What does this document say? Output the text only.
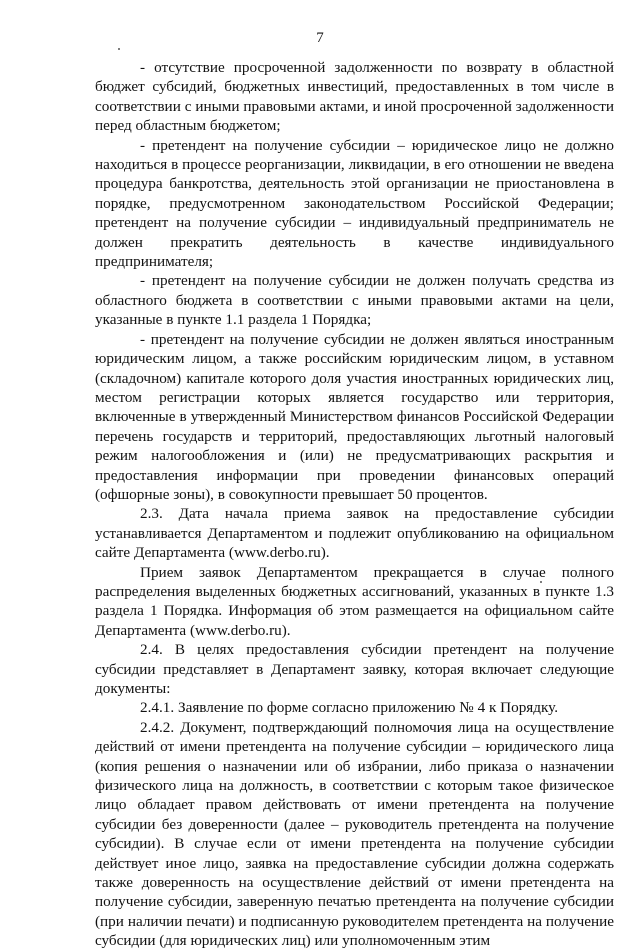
7

- отсутствие просроченной задолженности по возврату в областной бюджет субсидий, бюджетных инвестиций, предоставленных в том числе в соответствии с иными правовыми актами, и иной просроченной задолженности перед областным бюджетом;

- претендент на получение субсидии – юридическое лицо не должно находиться в процессе реорганизации, ликвидации, в его отношении не введена процедура банкротства, деятельность этой организации не приостановлена в порядке, предусмотренном законодательством Российской Федерации; претендент на получение субсидии – индивидуальный предприниматель не должен прекратить деятельность в качестве индивидуального предпринимателя;

- претендент на получение субсидии не должен получать средства из областного бюджета в соответствии с иными правовыми актами на цели, указанные в пункте 1.1 раздела 1 Порядка;

- претендент на получение субсидии не должен являться иностранным юридическим лицом, а также российским юридическим лицом, в уставном (складочном) капитале которого доля участия иностранных юридических лиц, местом регистрации которых является государство или территория, включенные в утвержденный Министерством финансов Российской Федерации перечень государств и территорий, предоставляющих льготный налоговый режим налогообложения и (или) не предусматривающих раскрытия и предоставления информации при проведении финансовых операций (офшорные зоны), в совокупности превышает 50 процентов.

2.3. Дата начала приема заявок на предоставление субсидии устанавливается Департаментом и подлежит опубликованию на официальном сайте Департамента (www.derbo.ru).

Прием заявок Департаментом прекращается в случае полного распределения выделенных бюджетных ассигнований, указанных в пункте 1.3 раздела 1 Порядка. Информация об этом размещается на официальном сайте Департамента (www.derbo.ru).

2.4. В целях предоставления субсидии претендент на получение субсидии представляет в Департамент заявку, которая включает следующие документы:

2.4.1. Заявление по форме согласно приложению № 4 к Порядку.

2.4.2. Документ, подтверждающий полномочия лица на осуществление действий от имени претендента на получение субсидии – юридического лица (копия решения о назначении или об избрании, либо приказа о назначении физического лица на должность, в соответствии с которым такое физическое лицо обладает правом действовать от имени претендента на получение субсидии без доверенности (далее – руководитель претендента на получение субсидии). В случае если от имени претендента на получение субсидии действует иное лицо, заявка на предоставление субсидии должна содержать также доверенность на осуществление действий от имени претендента на получение субсидии, заверенную печатью претендента на получение субсидии (при наличии печати) и подписанную руководителем претендента на получение субсидии (для юридических лиц) или уполномоченным этим
